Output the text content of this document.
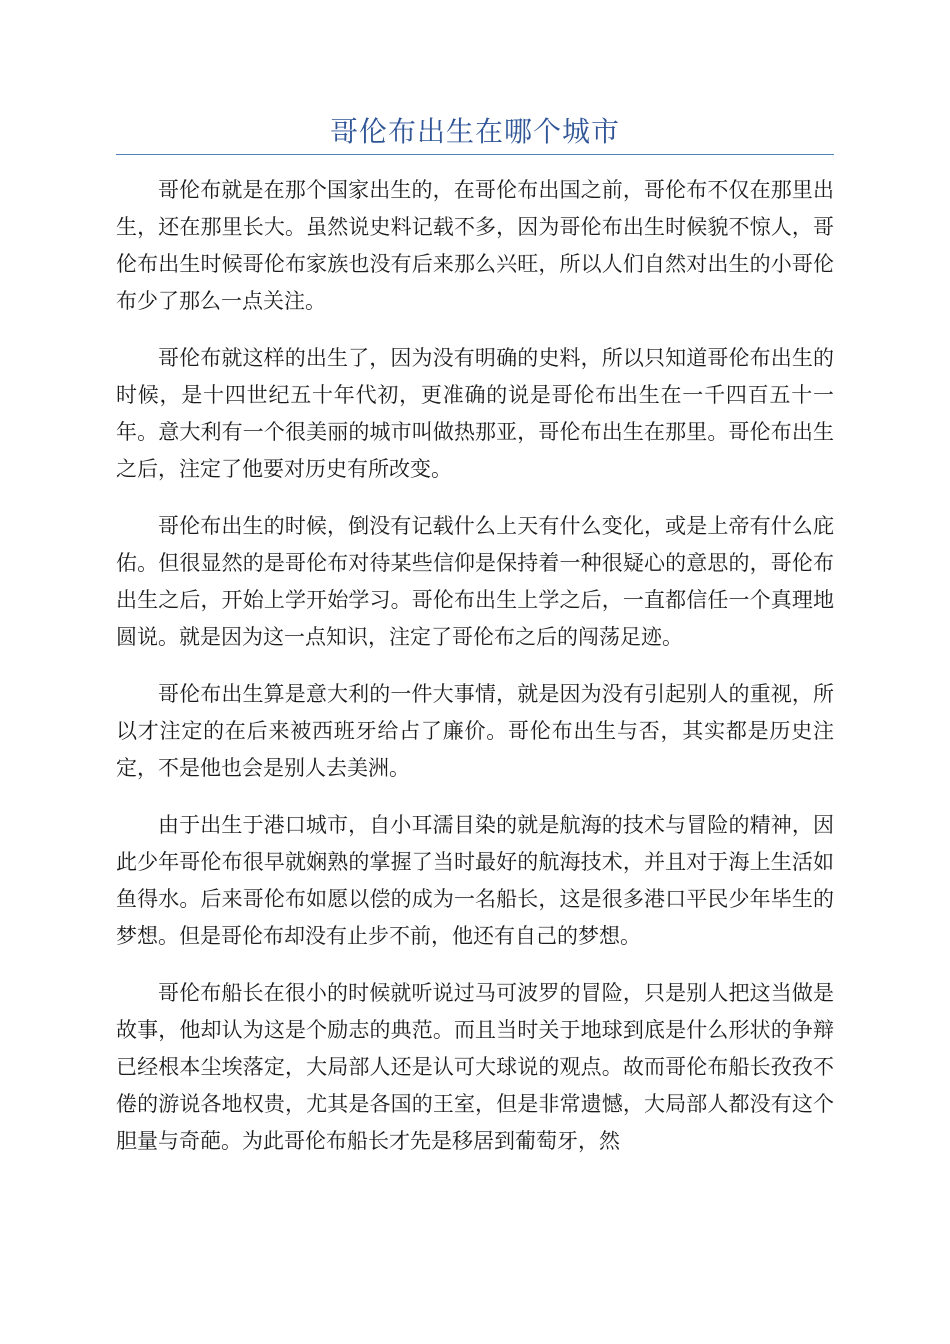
哥伦布出生在哪个城市

哥伦布就是在那个国家出生的，在哥伦布出国之前，哥伦布不仅在那里出生，还在那里长大。虽然说史料记载不多，因为哥伦布出生时候貌不惊人，哥伦布出生时候哥伦布家族也没有后来那么兴旺，所以人们自然对出生的小哥伦布少了那么一点关注。

哥伦布就这样的出生了，因为没有明确的史料，所以只知道哥伦布出生的时候，是十四世纪五十年代初，更准确的说是哥伦布出生在一千四百五十一年。意大利有一个很美丽的城市叫做热那亚，哥伦布出生在那里。哥伦布出生之后，注定了他要对历史有所改变。

哥伦布出生的时候，倒没有记载什么上天有什么变化，或是上帝有什么庇佑。但很显然的是哥伦布对待某些信仰是保持着一种很疑心的意思的，哥伦布出生之后，开始上学开始学习。哥伦布出生上学之后，一直都信任一个真理地圆说。就是因为这一点知识，注定了哥伦布之后的闯荡足迹。

哥伦布出生算是意大利的一件大事情，就是因为没有引起别人的重视，所以才注定的在后来被西班牙给占了廉价。哥伦布出生与否，其实都是历史注定，不是他也会是别人去美洲。

由于出生于港口城市，自小耳濡目染的就是航海的技术与冒险的精神，因此少年哥伦布很早就娴熟的掌握了当时最好的航海技术，并且对于海上生活如鱼得水。后来哥伦布如愿以偿的成为一名船长，这是很多港口平民少年毕生的梦想。但是哥伦布却没有止步不前，他还有自己的梦想。

哥伦布船长在很小的时候就听说过马可波罗的冒险，只是别人把这当做是故事，他却认为这是个励志的典范。而且当时关于地球到底是什么形状的争辩已经根本尘埃落定，大局部人还是认可大球说的观点。故而哥伦布船长孜孜不倦的游说各地权贵，尤其是各国的王室，但是非常遗憾，大局部人都没有这个胆量与奇葩。为此哥伦布船长才先是移居到葡萄牙，然
